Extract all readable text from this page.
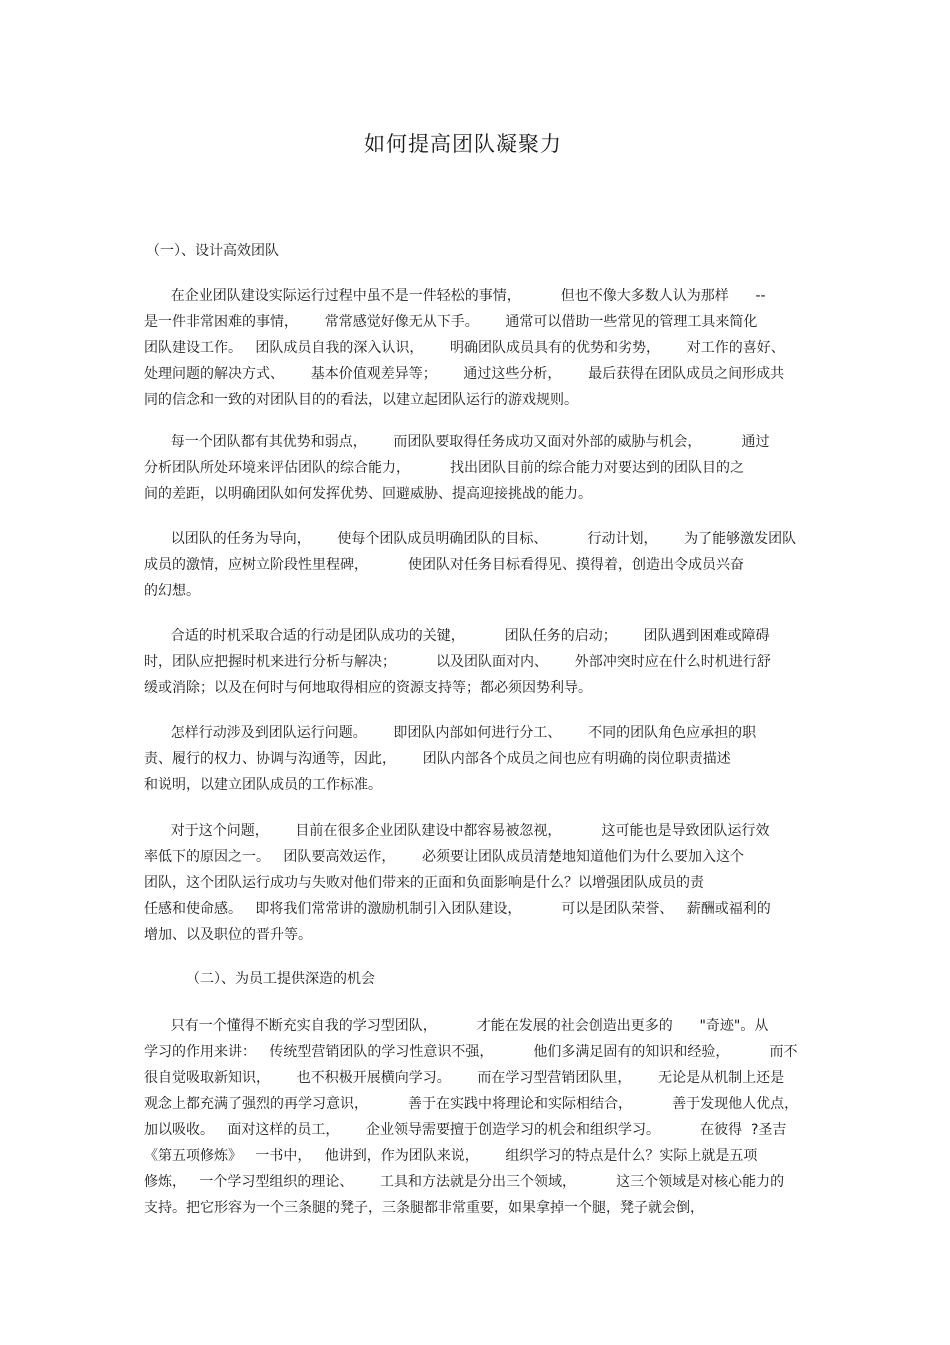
如何提高团队凝聚力
（一）、设计高效团队
在企业团队建设实际运行过程中虽不是一件轻松的事情，         但也不像大多数人认为那样      --
是一件非常困难的事情，      常常感觉好像无从下手。      通常可以借助一些常见的管理工具来简化
团队建设工作。   团队成员自我的深入认识，      明确团队成员具有的优势和劣势，      对工作的喜好、
处理问题的解决方式、      基本价值观差异等；      通过这些分析，      最后获得在团队成员之间形成共
同的信念和一致的对团队目的的看法，以建立起团队运行的游戏规则。
每一个团队都有其优势和弱点，      而团队要取得任务成功又面对外部的威胁与机会，         通过
分析团队所处环境来评估团队的综合能力，         找出团队目前的综合能力对要达到的团队目的之
间的差距，以明确团队如何发挥优势、回避威胁、提高迎接挑战的能力。
以团队的任务为导向，      使每个团队成员明确团队的目标、         行动计划，      为了能够激发团队
成员的激情，应树立阶段性里程碑，         使团队对任务目标看得见、摸得着，创造出令成员兴奋
的幻想。
合适的时机采取合适的行动是团队成功的关键，         团队任务的启动；      团队遇到困难或障碍
时，团队应把握时机来进行分析与解决；         以及团队面对内、      外部冲突时应在什么时机进行舒
缓或消除；以及在何时与何地取得相应的资源支持等；都必须因势利导。
怎样行动涉及到团队运行问题。      即团队内部如何进行分工、      不同的团队角色应承担的职
责、履行的权力、协调与沟通等，因此，      团队内部各个成员之间也应有明确的岗位职责描述
和说明，以建立团队成员的工作标准。
对于这个问题，      目前在很多企业团队建设中都容易被忽视，         这可能也是导致团队运行效
率低下的原因之一。   团队要高效运作，      必须要让团队成员清楚地知道他们为什么要加入这个
团队，这个团队运行成功与失败对他们带来的正面和负面影响是什么？以增强团队成员的责
任感和使命感。   即将我们常常讲的激励机制引入团队建设，         可以是团队荣誉、   薪酬或福利的
增加、以及职位的晋升等。
（二）、为员工提供深造的机会
只有一个懂得不断充实自我的学习型团队，         才能在发展的社会创造出更多的      "奇迹"。从
学习的作用来讲：   传统型营销团队的学习性意识不强，         他们多满足固有的知识和经验，         而不
很自觉吸取新知识，      也不积极开展横向学习。      而在学习型营销团队里，      无论是从机制上还是
观念上都充满了强烈的再学习意识，         善于在实践中将理论和实际相结合，         善于发现他人优点，
加以吸收。   面对这样的员工，      企业领导需要擅于创造学习的机会和组织学习。         在彼得  ?圣吉
《第五项修炼》   一书中，   他讲到，作为团队来说，      组织学习的特点是什么？实际上就是五项
修炼，   一个学习型组织的理论、      工具和方法就是分出三个领域，         这三个领域是对核心能力的
支持。把它形容为一个三条腿的凳子，三条腿都非常重要，如果拿掉一个腿，凳子就会倒，
